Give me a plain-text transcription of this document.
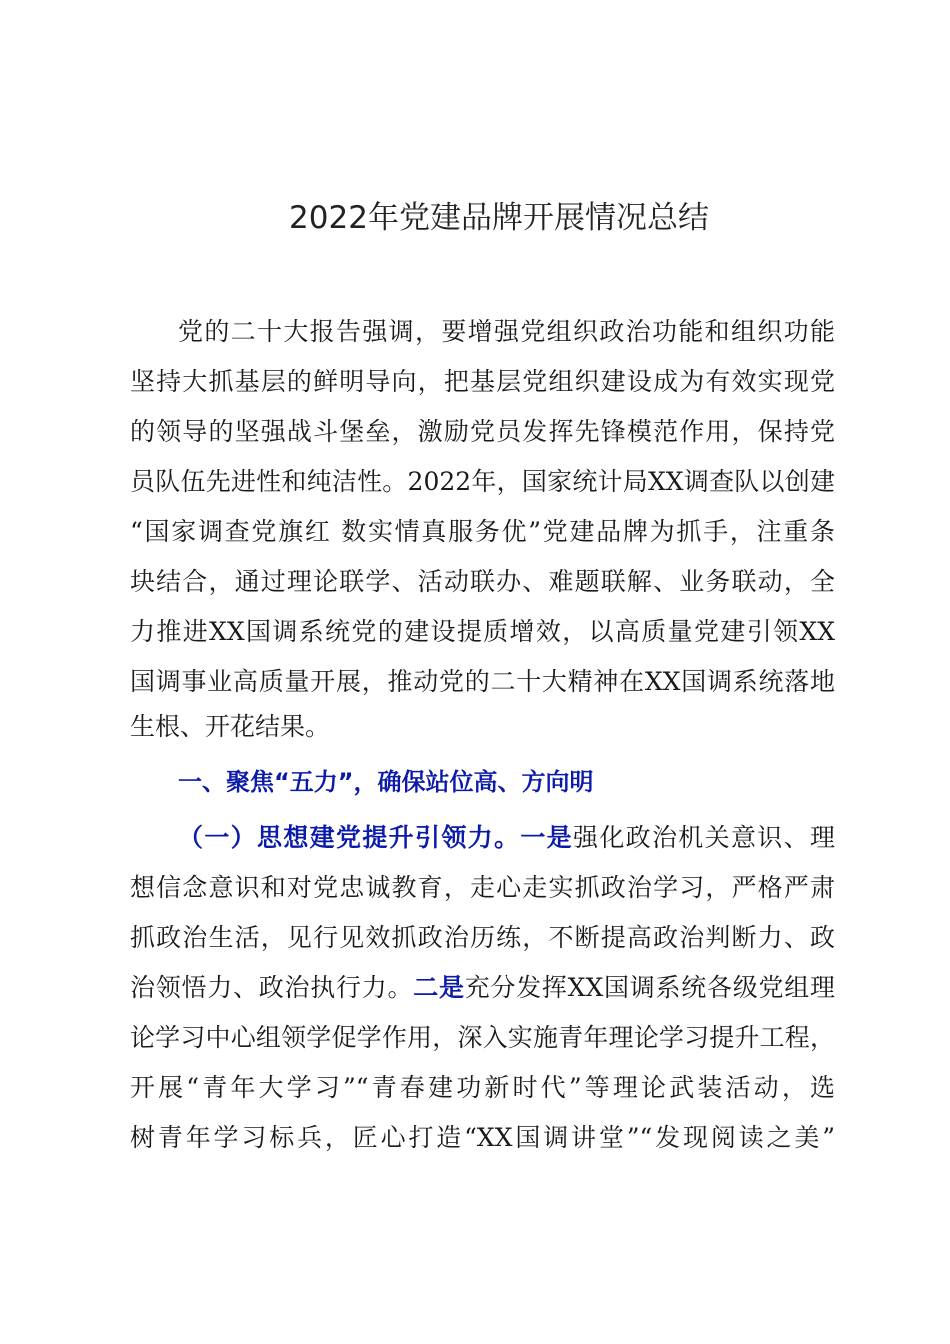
2022年党建品牌开展情况总结
党的二十大报告强调，要增强党组织政治功能和组织功能
坚持大抓基层的鲜明导向，把基层党组织建设成为有效实现党
的领导的坚强战斗堡垒，激励党员发挥先锋模范作用，保持党
员队伍先进性和纯洁性。2022年，国家统计局XX调查队以创建
“国家调查党旗红 数实情真服务优”党建品牌为抓手，注重条
块结合，通过理论联学、活动联办、难题联解、业务联动，全
力推进XX国调系统党的建设提质增效，以高质量党建引领XX
国调事业高质量开展，推动党的二十大精神在XX国调系统落地
生根、开花结果。
一、聚焦“五力”，确保站位高、方向明
（一）思想建党提升引领力。一是强化政治机关意识、理
想信念意识和对党忠诚教育，走心走实抓政治学习，严格严肃
抓政治生活，见行见效抓政治历练，不断提高政治判断力、政
治领悟力、政治执行力。二是充分发挥XX国调系统各级党组理
论学习中心组领学促学作用，深入实施青年理论学习提升工程，
开展“青年大学习”“青春建功新时代”等理论武装活动，选
树青年学习标兵，匠心打造“XX国调讲堂”“发现阅读之美”
